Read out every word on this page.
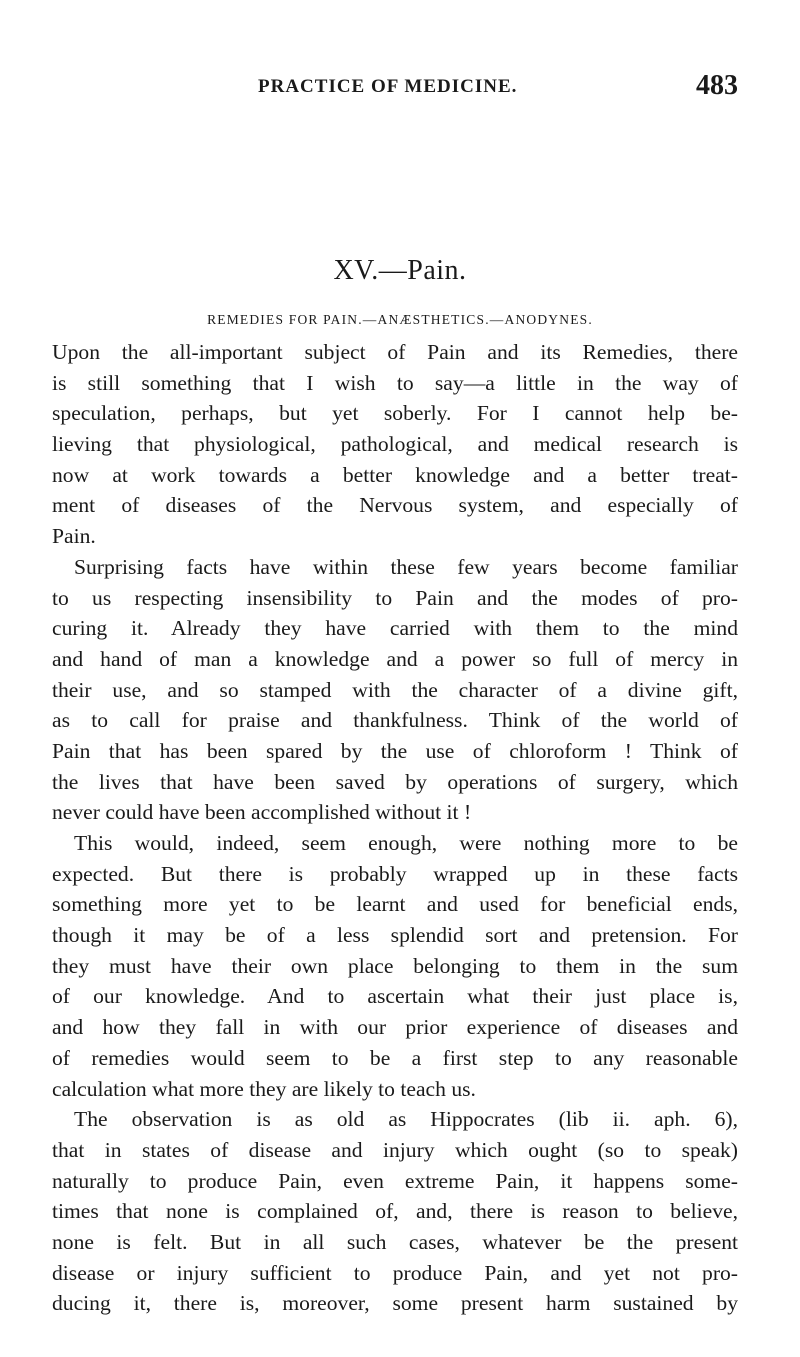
PRACTICE OF MEDICINE.	483
XV.—Pain.
REMEDIES FOR PAIN.—ANÆSTHETICS.—ANODYNES.
Upon the all-important subject of Pain and its Remedies, there
is still something that I wish to say—a little in the way of
speculation, perhaps, but yet soberly. For I cannot help be-
lieving that physiological, pathological, and medical research is
now at work towards a better knowledge and a better treat-
ment of diseases of the Nervous system, and especially of
Pain.
Surprising facts have within these few years become familiar
to us respecting insensibility to Pain and the modes of pro-
curing it. Already they have carried with them to the mind
and hand of man a knowledge and a power so full of mercy in
their use, and so stamped with the character of a divine gift,
as to call for praise and thankfulness. Think of the world of
Pain that has been spared by the use of chloroform ! Think of
the lives that have been saved by operations of surgery, which
never could have been accomplished without it !
This would, indeed, seem enough, were nothing more to be
expected. But there is probably wrapped up in these facts
something more yet to be learnt and used for beneficial ends,
though it may be of a less splendid sort and pretension. For
they must have their own place belonging to them in the sum
of our knowledge. And to ascertain what their just place is,
and how they fall in with our prior experience of diseases and
of remedies would seem to be a first step to any reasonable
calculation what more they are likely to teach us.
The observation is as old as Hippocrates (lib ii. aph. 6),
that in states of disease and injury which ought (so to speak)
naturally to produce Pain, even extreme Pain, it happens some-
times that none is complained of, and, there is reason to believe,
none is felt. But in all such cases, whatever be the present
disease or injury sufficient to produce Pain, and yet not pro-
ducing it, there is, moreover, some present harm sustained by
